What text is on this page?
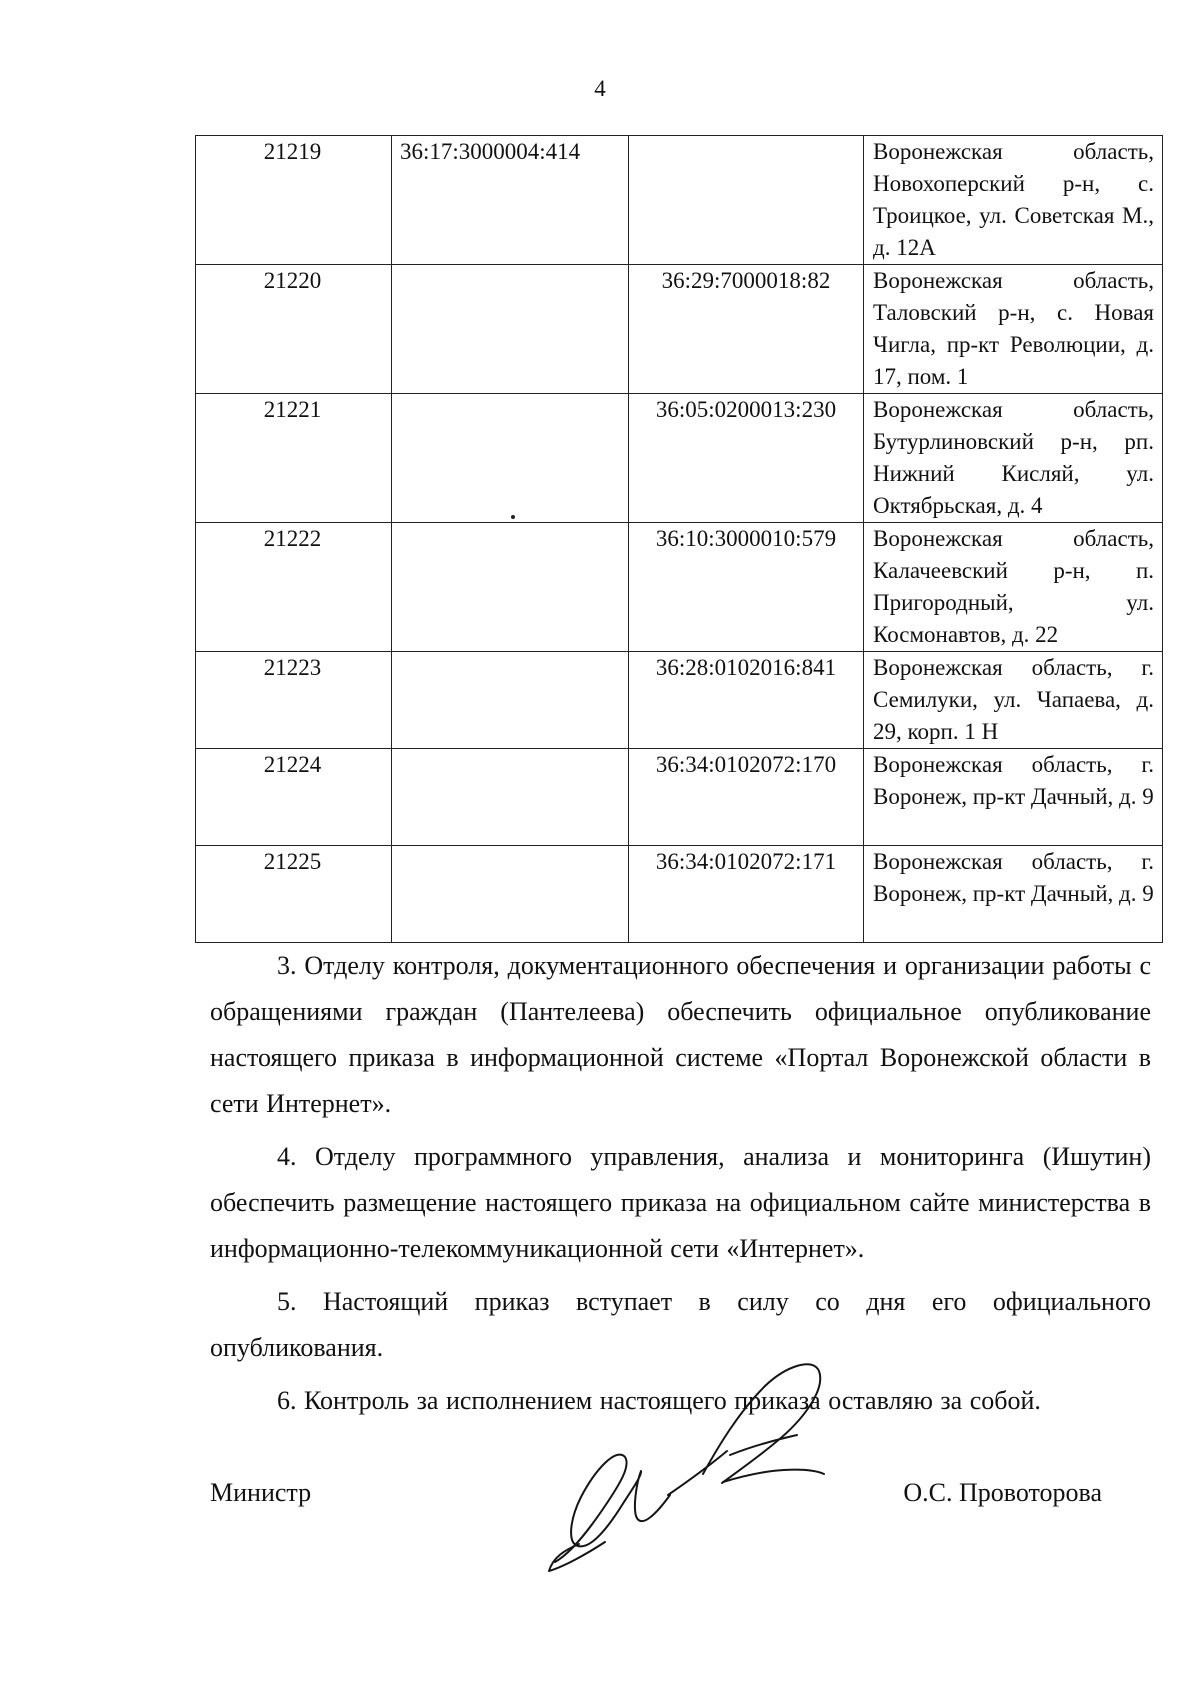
4
21219	36:17:3000004:414		Воронежская область, Новохоперский р-н, с. Троицкое, ул. Советская М., д. 12А

21220		36:29:7000018:82	Воронежская область, Таловский р-н, с. Новая Чигла, пр-кт Революции, д. 17, пом. 1

21221		36:05:0200013:230	Воронежская область, Бутурлиновский р-н, рп. Нижний Кисляй, ул. Октябрьская, д. 4

21222		36:10:3000010:579	Воронежская область, Калачеевский р-н, п. Пригородный, ул. Космонавтов, д. 22

21223		36:28:0102016:841	Воронежская область, г. Семилуки, ул. Чапаева, д. 29, корп. 1 Н

21224		36:34:0102072:170	Воронежская область, г. Воронеж, пр-кт Дачный, д. 9

21225		36:34:0102072:171	Воронежская область, г. Воронеж, пр-кт Дачный, д. 9

3. Отделу контроля, документационного обеспечения и организации работы с обращениями граждан (Пантелеева) обеспечить официальное опубликование настоящего приказа в информационной системе «Портал Воронежской области в сети Интернет».

4. Отделу программного управления, анализа и мониторинга (Ишутин) обеспечить размещение настоящего приказа на официальном сайте министерства в информационно-телекоммуникационной сети «Интернет».

5. Настоящий приказ вступает в силу со дня его официального опубликования.

6. Контроль за исполнением настоящего приказа оставляю за собой.

Министр	О.С. Провоторова
